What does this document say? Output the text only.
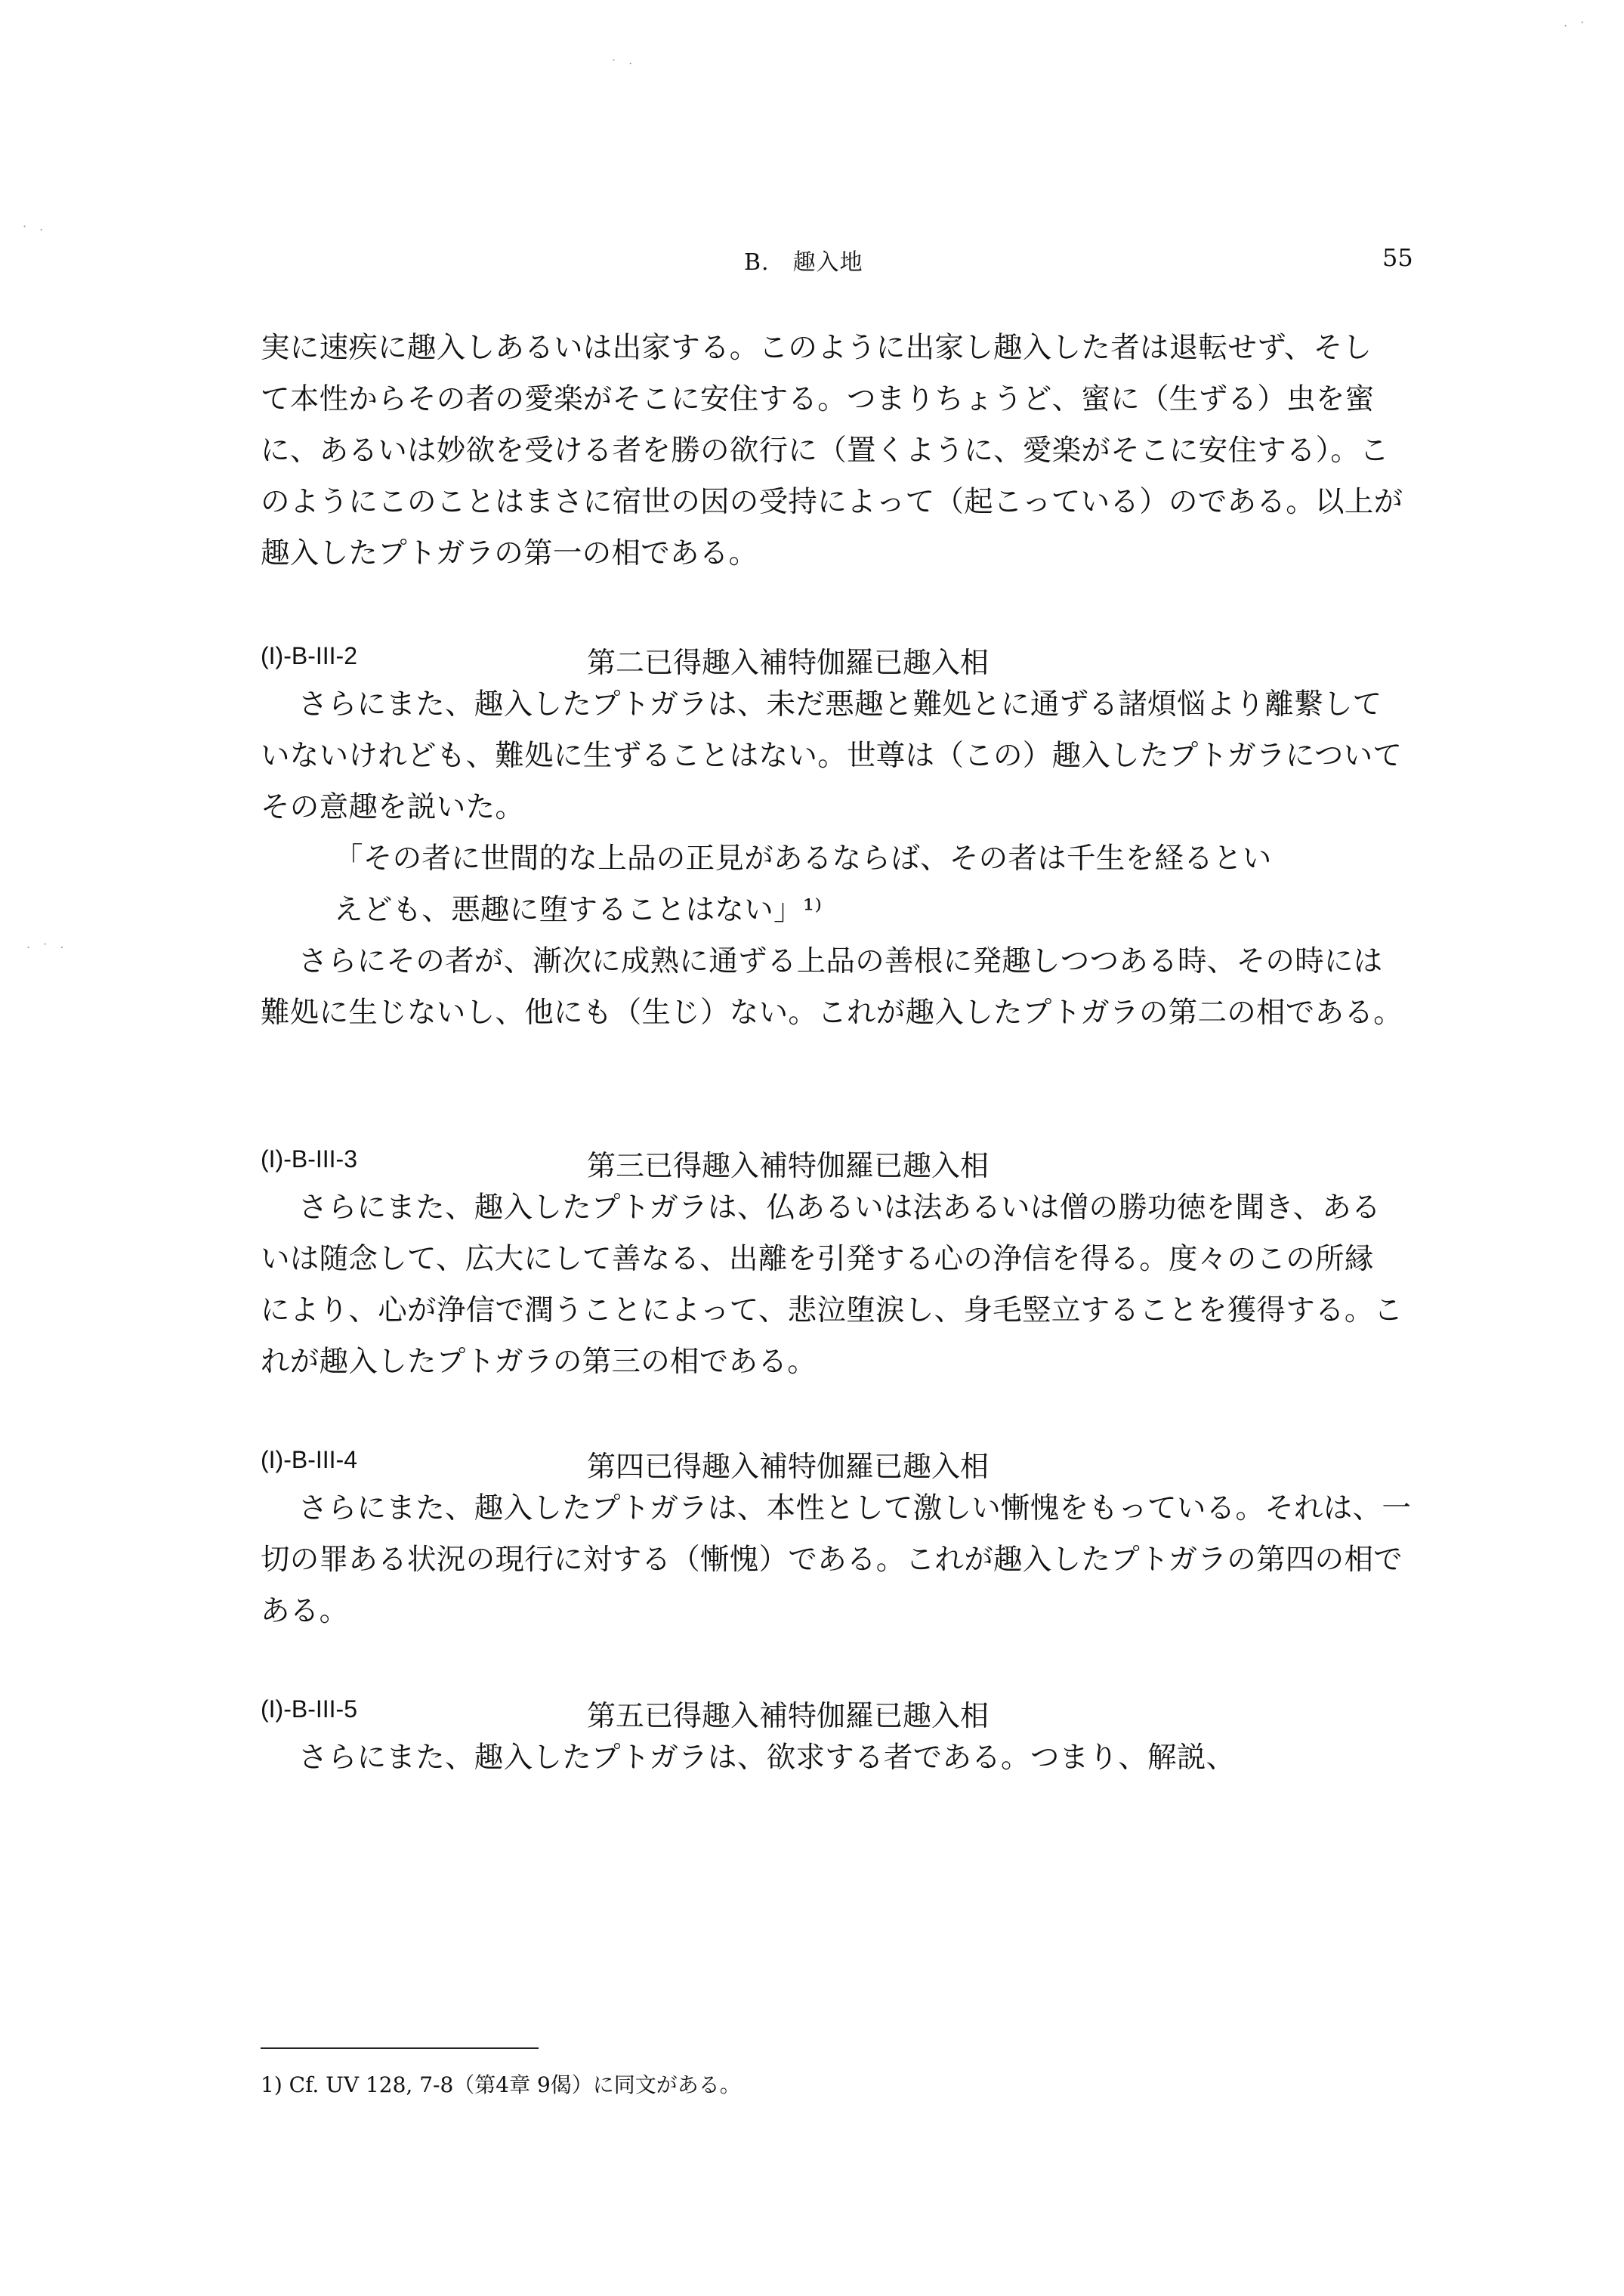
. ·
· .
. · .
· .
B.　趣入地	55
実に速疾に趣入しあるいは出家する。このように出家し趣入した者は退転せず、そし
て本性からその者の愛楽がそこに安住する。つまりちょうど、蜜に（生ずる）虫を蜜
に、あるいは妙欲を受ける者を勝の欲行に（置くように、愛楽がそこに安住する）。こ
のようにこのことはまさに宿世の因の受持によって（起こっている）のである。以上が
趣入したプトガラの第一の相である。
(I)-B-III-2	第二已得趣入補特伽羅已趣入相
さらにまた、趣入したプトガラは、未だ悪趣と難処とに通ずる諸煩悩より離繋して
いないけれども、難処に生ずることはない。世尊は（この）趣入したプトガラについて
その意趣を説いた。
「その者に世間的な上品の正見があるならば、その者は千生を経るとい
えども、悪趣に堕することはない」¹⁾
さらにその者が、漸次に成熟に通ずる上品の善根に発趣しつつある時、その時には
難処に生じないし、他にも（生じ）ない。これが趣入したプトガラの第二の相である。
(I)-B-III-3	第三已得趣入補特伽羅已趣入相
さらにまた、趣入したプトガラは、仏あるいは法あるいは僧の勝功徳を聞き、ある
いは随念して、広大にして善なる、出離を引発する心の浄信を得る。度々のこの所縁
により、心が浄信で潤うことによって、悲泣堕涙し、身毛竪立することを獲得する。こ
れが趣入したプトガラの第三の相である。
(I)-B-III-4	第四已得趣入補特伽羅已趣入相
さらにまた、趣入したプトガラは、本性として激しい慚愧をもっている。それは、一
切の罪ある状況の現行に対する（慚愧）である。これが趣入したプトガラの第四の相で
ある。
(I)-B-III-5	第五已得趣入補特伽羅已趣入相
さらにまた、趣入したプトガラは、欲求する者である。つまり、解説、
1) Cf. UV 128, 7-8（第4章 9偈）に同文がある。
